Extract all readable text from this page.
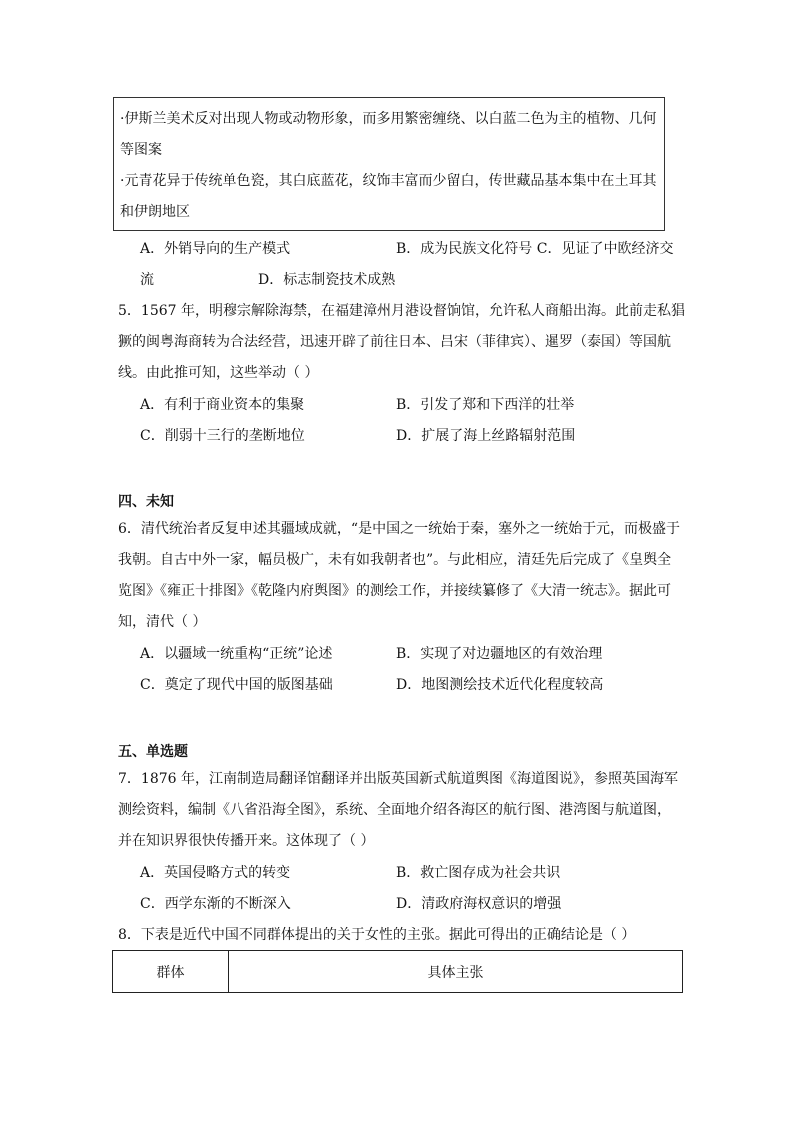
·伊斯兰美术反对出现人物或动物形象，而多用繁密缠绕、以白蓝二色为主的植物、几何
等图案
·元青花异于传统单色瓷，其白底蓝花，纹饰丰富而少留白，传世藏品基本集中在土耳其
和伊朗地区
A．外销导向的生产模式	B．成为民族文化符号 C．见证了中欧经济交
流	D．标志制瓷技术成熟
5．1567 年，明穆宗解除海禁，在福建漳州月港设督饷馆，允许私人商船出海。此前走私猖
獗的闽粤海商转为合法经营，迅速开辟了前往日本、吕宋（菲律宾）、暹罗（泰国）等国航
线。由此推可知，这些举动（ ）
A．有利于商业资本的集聚	B．引发了郑和下西洋的壮举
C．削弱十三行的垄断地位	D．扩展了海上丝路辐射范围
四、未知
6．清代统治者反复申述其疆域成就，“是中国之一统始于秦，塞外之一统始于元，而极盛于
我朝。自古中外一家，幅员极广，未有如我朝者也”。与此相应，清廷先后完成了《皇舆全
览图》《雍正十排图》《乾隆内府舆图》的测绘工作，并接续纂修了《大清一统志》。据此可
知，清代（ ）
A．以疆域一统重构“正统”论述	B．实现了对边疆地区的有效治理
C．奠定了现代中国的版图基础	D．地图测绘技术近代化程度较高
五、单选题
7．1876 年，江南制造局翻译馆翻译并出版英国新式航道舆图《海道图说》，参照英国海军
测绘资料，编制《八省沿海全图》，系统、全面地介绍各海区的航行图、港湾图与航道图，
并在知识界很快传播开来。这体现了（ ）
A．英国侵略方式的转变	B．救亡图存成为社会共识
C．西学东渐的不断深入	D．清政府海权意识的增强
8．下表是近代中国不同群体提出的关于女性的主张。据此可得出的正确结论是（ ）
群体	具体主张
